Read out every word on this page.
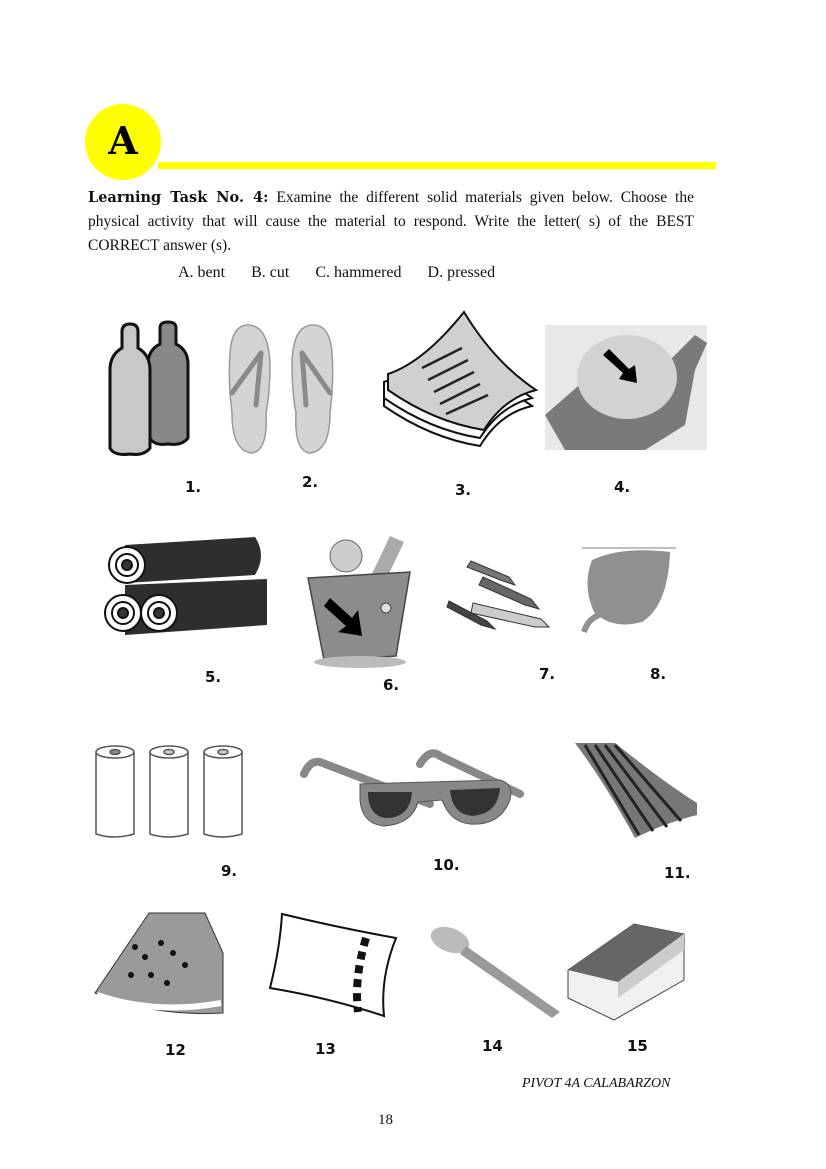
A
Learning Task No. 4: Examine the different solid materials given below. Choose the physical activity that will cause the material to respond. Write the letter( s) of the BEST CORRECT answer (s).
A. bent B. cut C. hammered D. pressed
1.	2.	3.	4.
5.	6.
7.	8.
9.	10.	11.
12	13	14	15
PIVOT 4A CALABARZON
18
